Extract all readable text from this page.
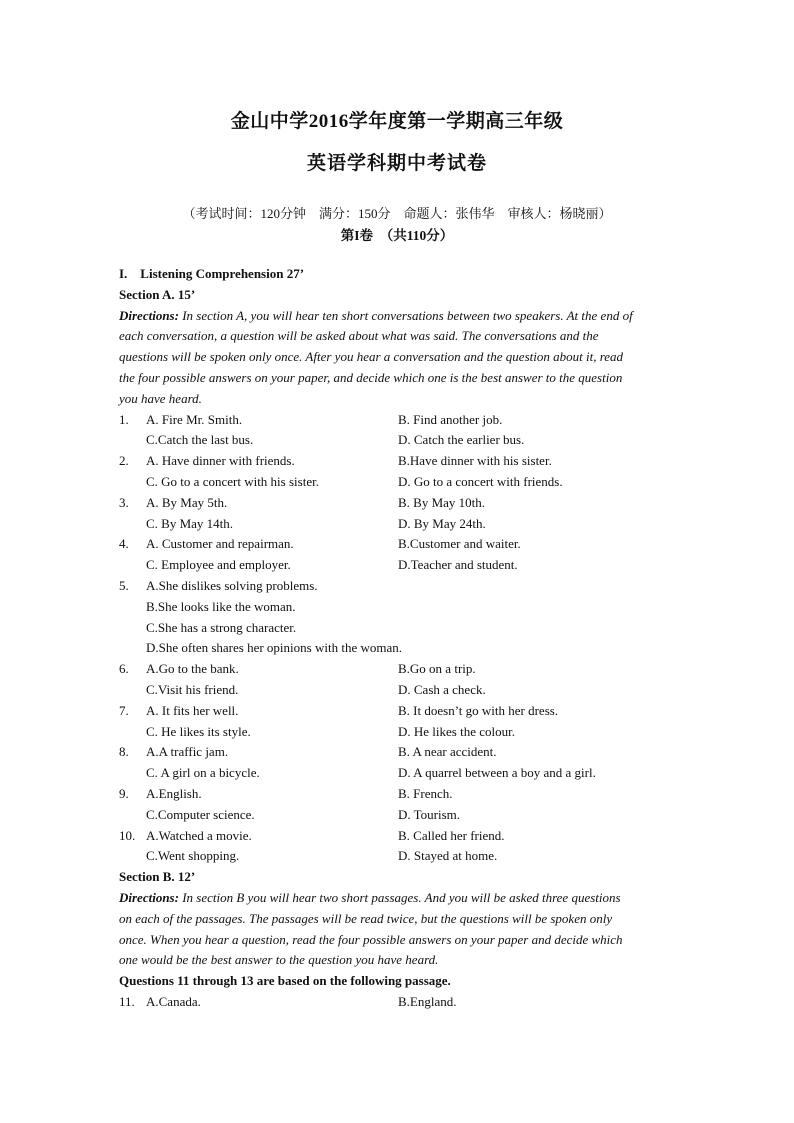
金山中学2016学年度第一学期高三年级
英语学科期中考试卷
（考试时间：120分钟　满分：150分　命题人：张伟华　审核人：杨晓丽）
第I卷　（共110分）
I.　Listening Comprehension 27’
Section A. 15’
Directions: In section A, you will hear ten short conversations between two speakers. At the end of
each conversation, a question will be asked about what was said. The conversations and the
questions will be spoken only once. After you hear a conversation and the question about it, read
the four possible answers on your paper, and decide which one is the best answer to the question
you have heard.
1. A. Fire Mr. Smith.	B. Find another job.
C.Catch the last bus.	D. Catch the earlier bus.
2. A. Have dinner with friends.	B.Have dinner with his sister.
C. Go to a concert with his sister.	D. Go to a concert with friends.
3. A. By May 5th.	B. By May 10th.
C. By May 14th.	D. By May 24th.
4. A. Customer and repairman.	B.Customer and waiter.
C. Employee and employer.	D.Teacher and student.
5. A.She dislikes solving problems.
B.She looks like the woman.
C.She has a strong character.
D.She often shares her opinions with the woman.
6. A.Go to the bank.	B.Go on a trip.
C.Visit his friend.	D. Cash a check.
7. A. It fits her well.	B. It doesn’t go with her dress.
C. He likes its style.	D. He likes the colour.
8. A.A traffic jam.	B. A near accident.
C. A girl on a bicycle.	D. A quarrel between a boy and a girl.
9. A.English.	B. French.
C.Computer science.	D. Tourism.
10. A.Watched a movie.	B. Called her friend.
C.Went shopping.	D. Stayed at home.
Section B. 12’
Directions: In section B you will hear two short passages. And you will be asked three questions
on each of the passages. The passages will be read twice, but the questions will be spoken only
once. When you hear a question, read the four possible answers on your paper and decide which
one would be the best answer to the question you have heard.
Questions 11 through 13 are based on the following passage.
11. A.Canada.	B.England.
